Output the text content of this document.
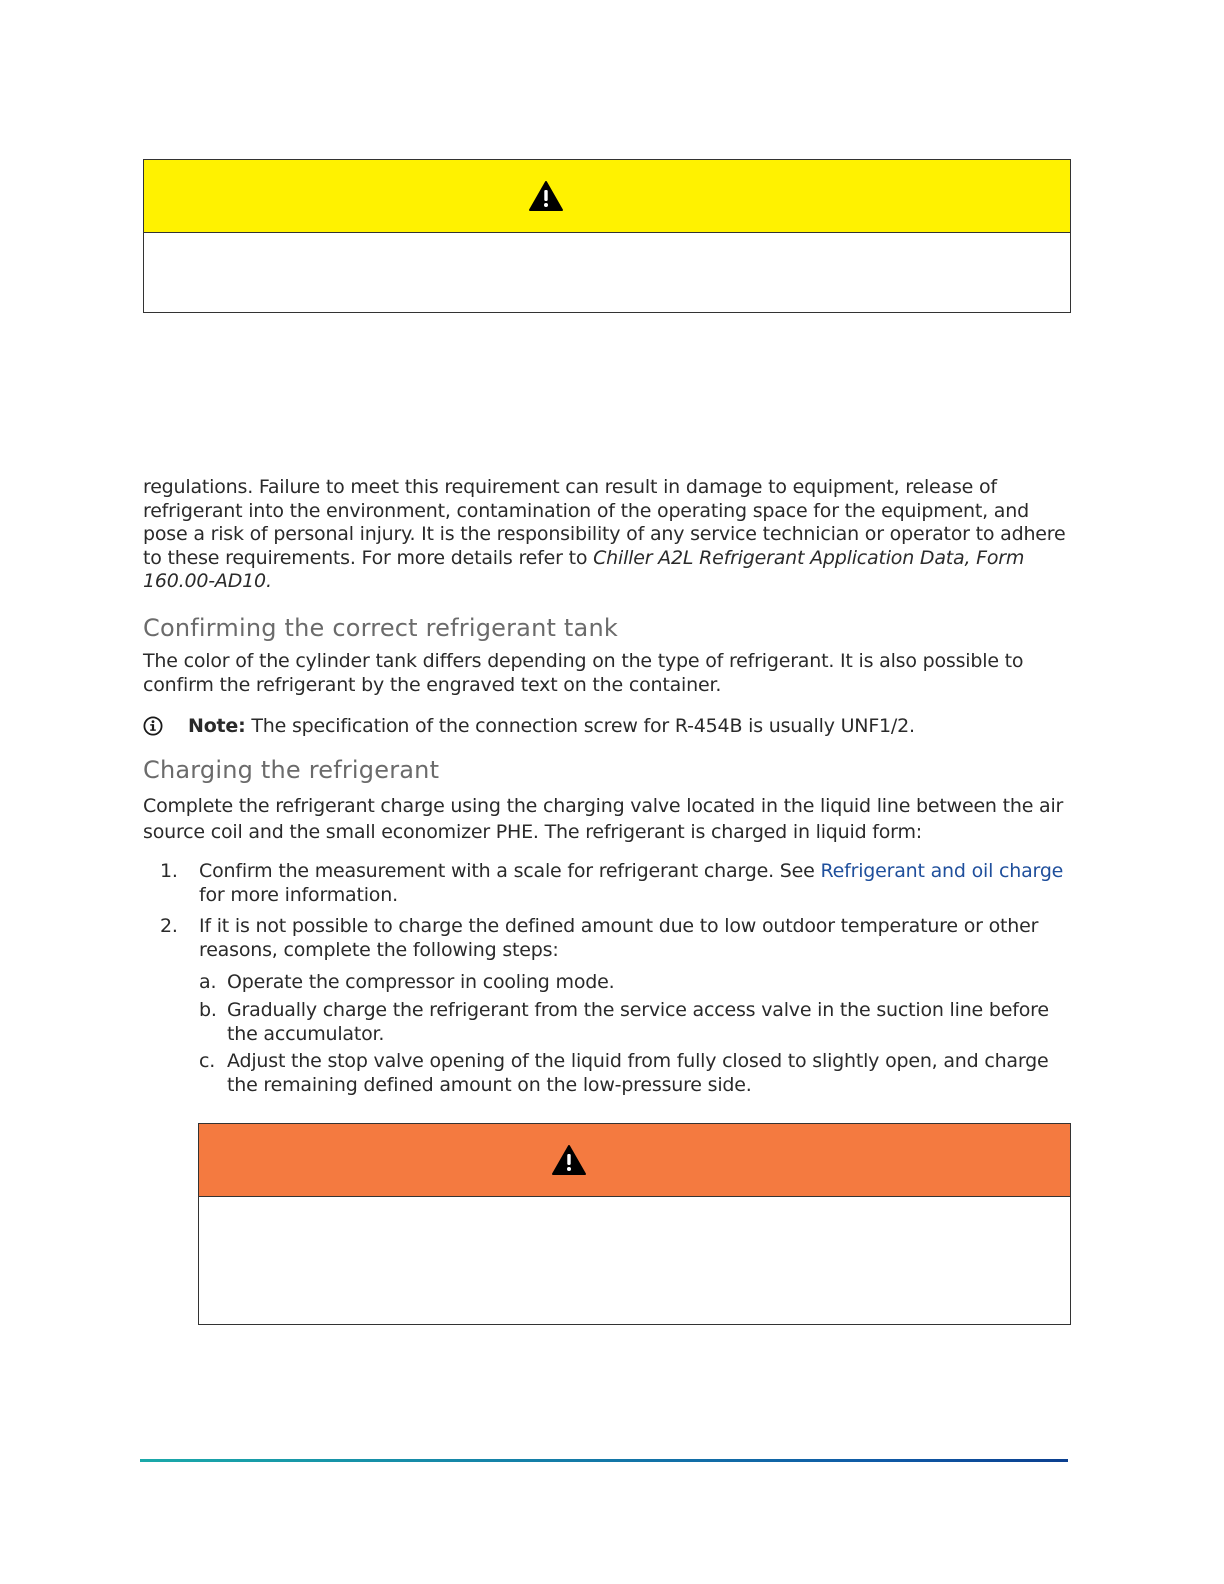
regulations. Failure to meet this requirement can result in damage to equipment, release of refrigerant into the environment, contamination of the operating space for the equipment, and pose a risk of personal injury. It is the responsibility of any service technician or operator to adhere to these requirements. For more details refer to Chiller A2L Refrigerant Application Data, Form 160.00-AD10.

Confirming the correct refrigerant tank

The color of the cylinder tank differs depending on the type of refrigerant. It is also possible to confirm the refrigerant by the engraved text on the container.

Note: The specification of the connection screw for R-454B is usually UNF1/2.
Charging the refrigerant

Complete the refrigerant charge using the charging valve located in the liquid line between the air source coil and the small economizer PHE. The refrigerant is charged in liquid form:

1. Confirm the measurement with a scale for refrigerant charge. See Refrigerant and oil charge for more information.
2. If it is not possible to charge the defined amount due to low outdoor temperature or other reasons, complete the following steps:
a. Operate the compressor in cooling mode.
b. Gradually charge the refrigerant from the service access valve in the suction line before the accumulator.
c. Adjust the stop valve opening of the liquid from fully closed to slightly open, and charge the remaining defined amount on the low-pressure side.
